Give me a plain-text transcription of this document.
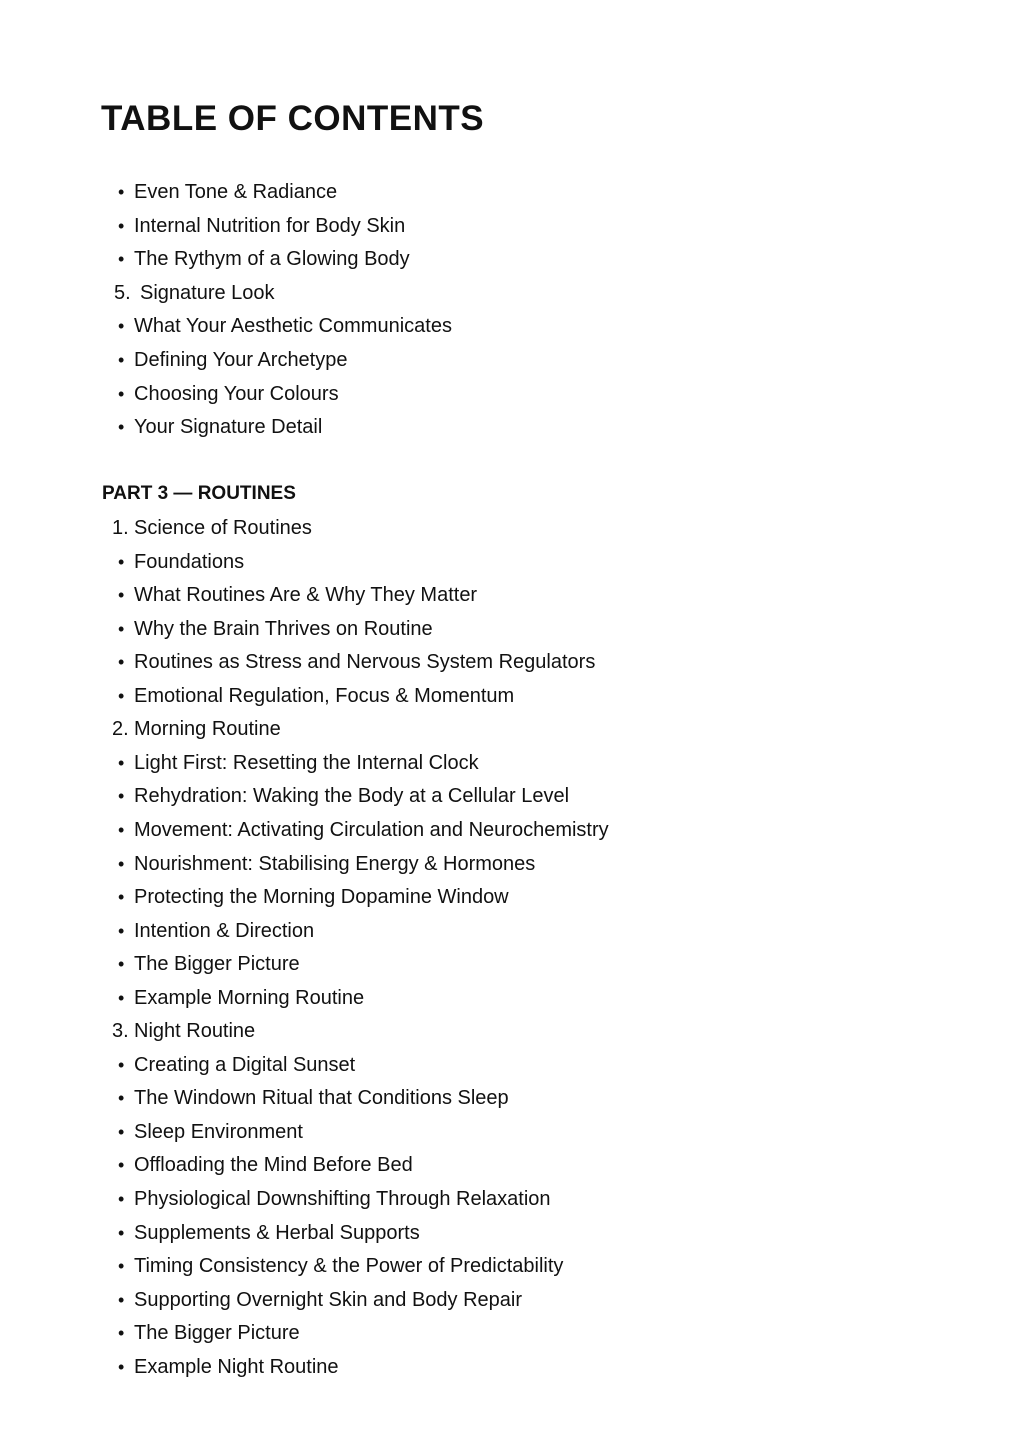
TABLE OF CONTENTS
• Even Tone & Radiance
• Internal Nutrition for Body Skin
• The Rythym of a Glowing Body
5. Signature Look
• What Your Aesthetic Communicates
• Defining Your Archetype
• Choosing Your Colours
• Your Signature Detail
PART 3 — ROUTINES
1. Science of Routines
• Foundations
• What Routines Are & Why They Matter
• Why the Brain Thrives on Routine
• Routines as Stress and Nervous System Regulators
• Emotional Regulation, Focus & Momentum
2. Morning Routine
• Light First: Resetting the Internal Clock
• Rehydration: Waking the Body at a Cellular Level
• Movement: Activating Circulation and Neurochemistry
• Nourishment: Stabilising Energy & Hormones
• Protecting the Morning Dopamine Window
• Intention & Direction
• The Bigger Picture
• Example Morning Routine
3. Night Routine
• Creating a Digital Sunset
• The Windown Ritual that Conditions Sleep
• Sleep Environment
• Offloading the Mind Before Bed
• Physiological Downshifting Through Relaxation
• Supplements & Herbal Supports
• Timing Consistency & the Power of Predictability
• Supporting Overnight Skin and Body Repair
• The Bigger Picture
• Example Night Routine
